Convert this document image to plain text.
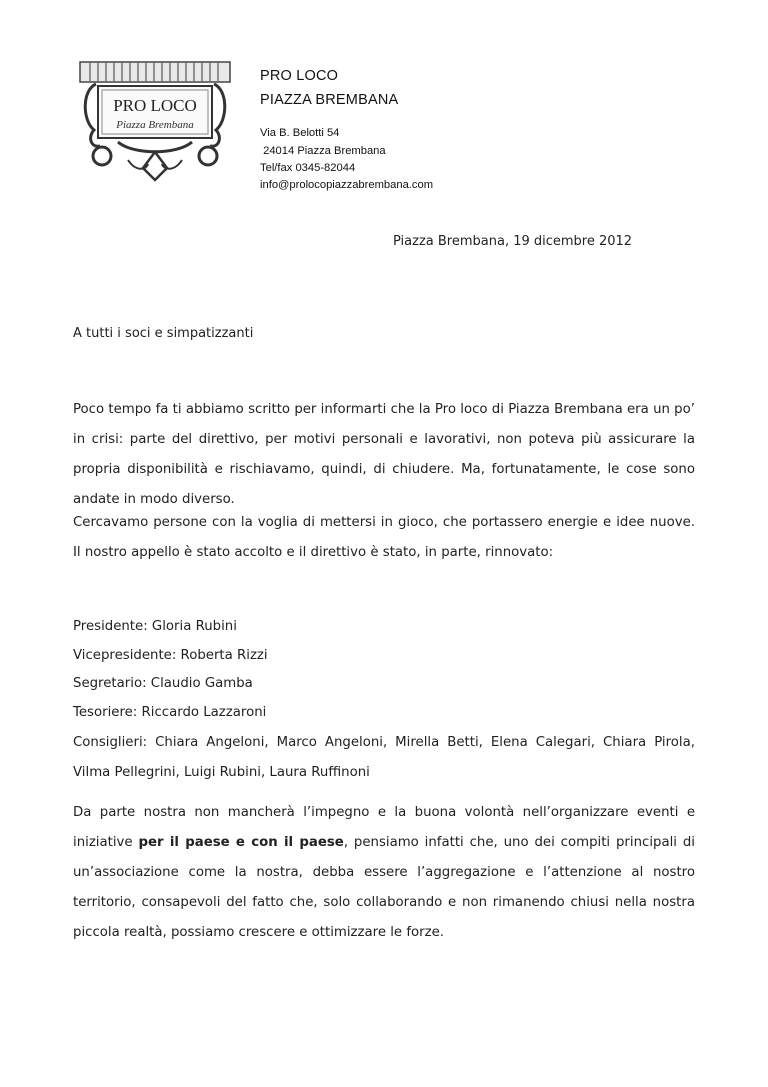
PRO LOCO
Piazza Brembana
PRO LOCO
PIAZZA BREMBANA
Via B. Belotti 54
24014 Piazza Brembana
Tel/fax 0345-82044
info@prolocopiazzabrembana.com
Piazza Brembana, 19 dicembre 2012
A tutti i soci e simpatizzanti
Poco tempo fa ti abbiamo scritto per informarti che la Pro loco di Piazza Brembana era un po’ in crisi: parte del direttivo, per motivi personali e lavorativi, non poteva più assicurare la propria disponibilità e rischiavamo, quindi, di chiudere. Ma, fortunatamente, le cose sono andate in modo diverso.
Cercavamo persone con la voglia di mettersi in gioco, che portassero energie e idee nuove. Il nostro appello è stato accolto e il direttivo è stato, in parte, rinnovato:
Presidente: Gloria Rubini
Vicepresidente: Roberta Rizzi
Segretario: Claudio Gamba
Tesoriere: Riccardo Lazzaroni
Consiglieri: Chiara Angeloni, Marco Angeloni, Mirella Betti, Elena Calegari, Chiara Pirola, Vilma Pellegrini, Luigi Rubini, Laura Ruffinoni
Da parte nostra non mancherà l’impegno e la buona volontà nell’organizzare eventi e iniziative per il paese e con il paese, pensiamo infatti che, uno dei compiti principali di un’associazione come la nostra, debba essere l’aggregazione e l’attenzione al nostro territorio, consapevoli del fatto che, solo collaborando e non rimanendo chiusi nella nostra piccola realtà, possiamo crescere e ottimizzare le forze.
